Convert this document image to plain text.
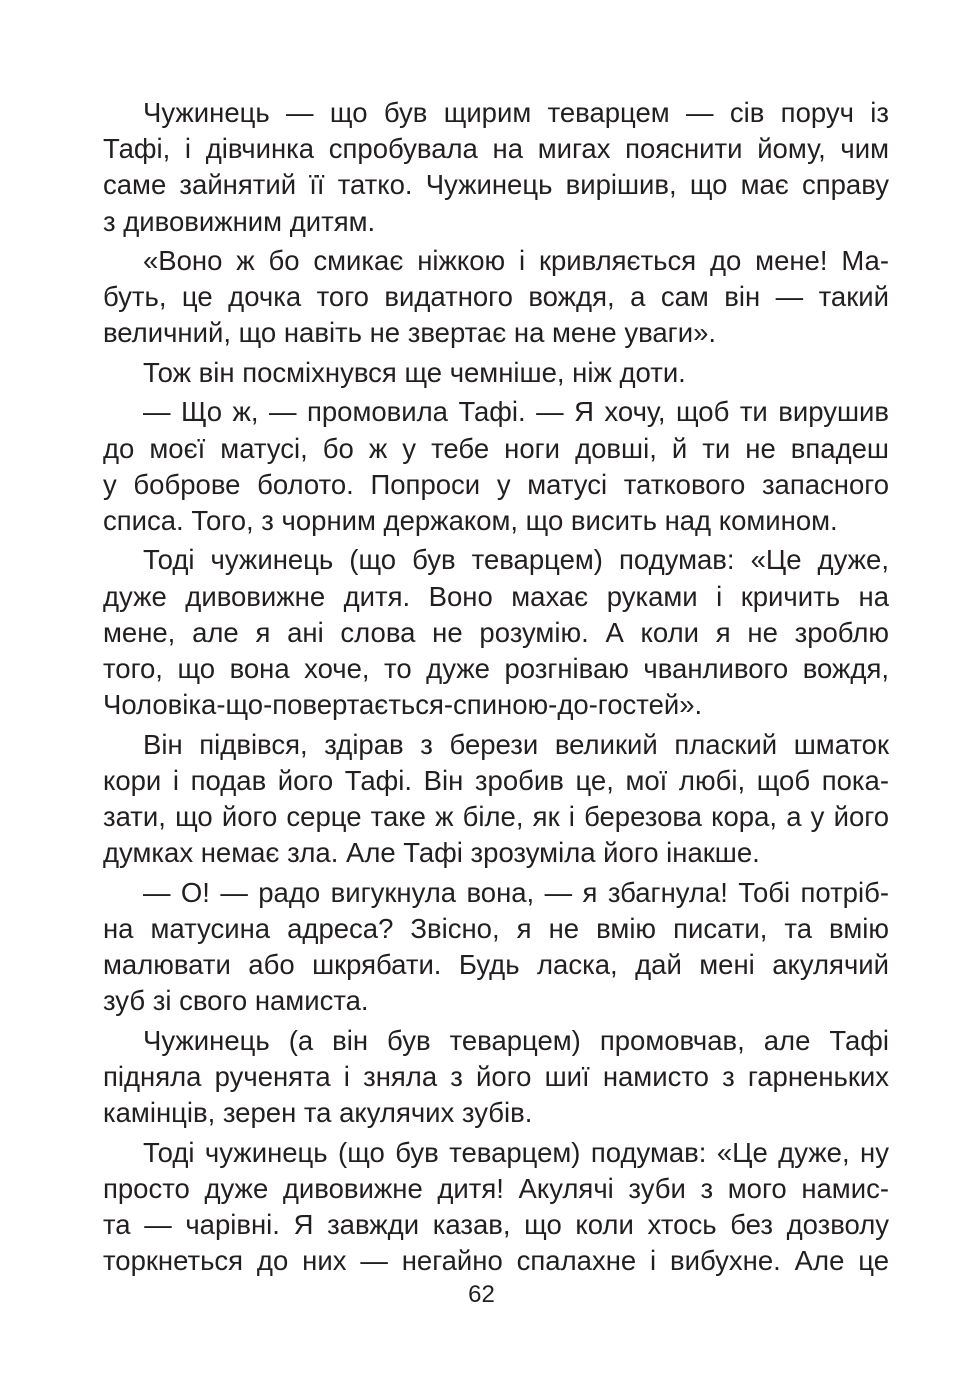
Чужинець — що був щирим теварцем — сів поруч із
Тафі, і дівчинка спробувала на мигах пояснити йому, чим
саме зайнятий її татко. Чужинець вирішив, що має справу
з дивовижним дитям.
«Воно ж бо смикає ніжкою і кривляється до мене! Ма-
буть, це дочка того видатного вождя, а сам він — такий
величний, що навіть не звертає на мене уваги».
Тож він посміхнувся ще чемніше, ніж доти.
— Що ж, — промовила Тафі. — Я хочу, щоб ти вирушив
до моєї матусі, бо ж у тебе ноги довші, й ти не впадеш
у боброве болото. Попроси у матусі таткового запасного
списа. Того, з чорним держаком, що висить над комином.
Тоді чужинець (що був теварцем) подумав: «Це дуже,
дуже дивовижне дитя. Воно махає руками і кричить на
мене, але я ані слова не розумію. А коли я не зроблю
того, що вона хоче, то дуже розгніваю чванливого вождя,
Чоловіка-що-повертається-спиною-до-гостей».
Він підвівся, здірав з берези великий плаский шматок
кори і подав його Тафі. Він зробив це, мої любі, щоб пока-
зати, що його серце таке ж біле, як і березова кора, а у його
думках немає зла. Але Тафі зрозуміла його інакше.
— О! — радо вигукнула вона, — я збагнула! Тобі потріб-
на матусина адреса? Звісно, я не вмію писати, та вмію
малювати або шкрябати. Будь ласка, дай мені акулячий
зуб зі свого намиста.
Чужинець (а він був теварцем) промовчав, але Тафі
підняла рученята і зняла з його шиї намисто з гарненьких
камінців, зерен та акулячих зубів.
Тоді чужинець (що був теварцем) подумав: «Це дуже, ну
просто дуже дивовижне дитя! Акулячі зуби з мого намис-
та — чарівні. Я завжди казав, що коли хтось без дозволу
торкнеться до них — негайно спалахне і вибухне. Але це
62
